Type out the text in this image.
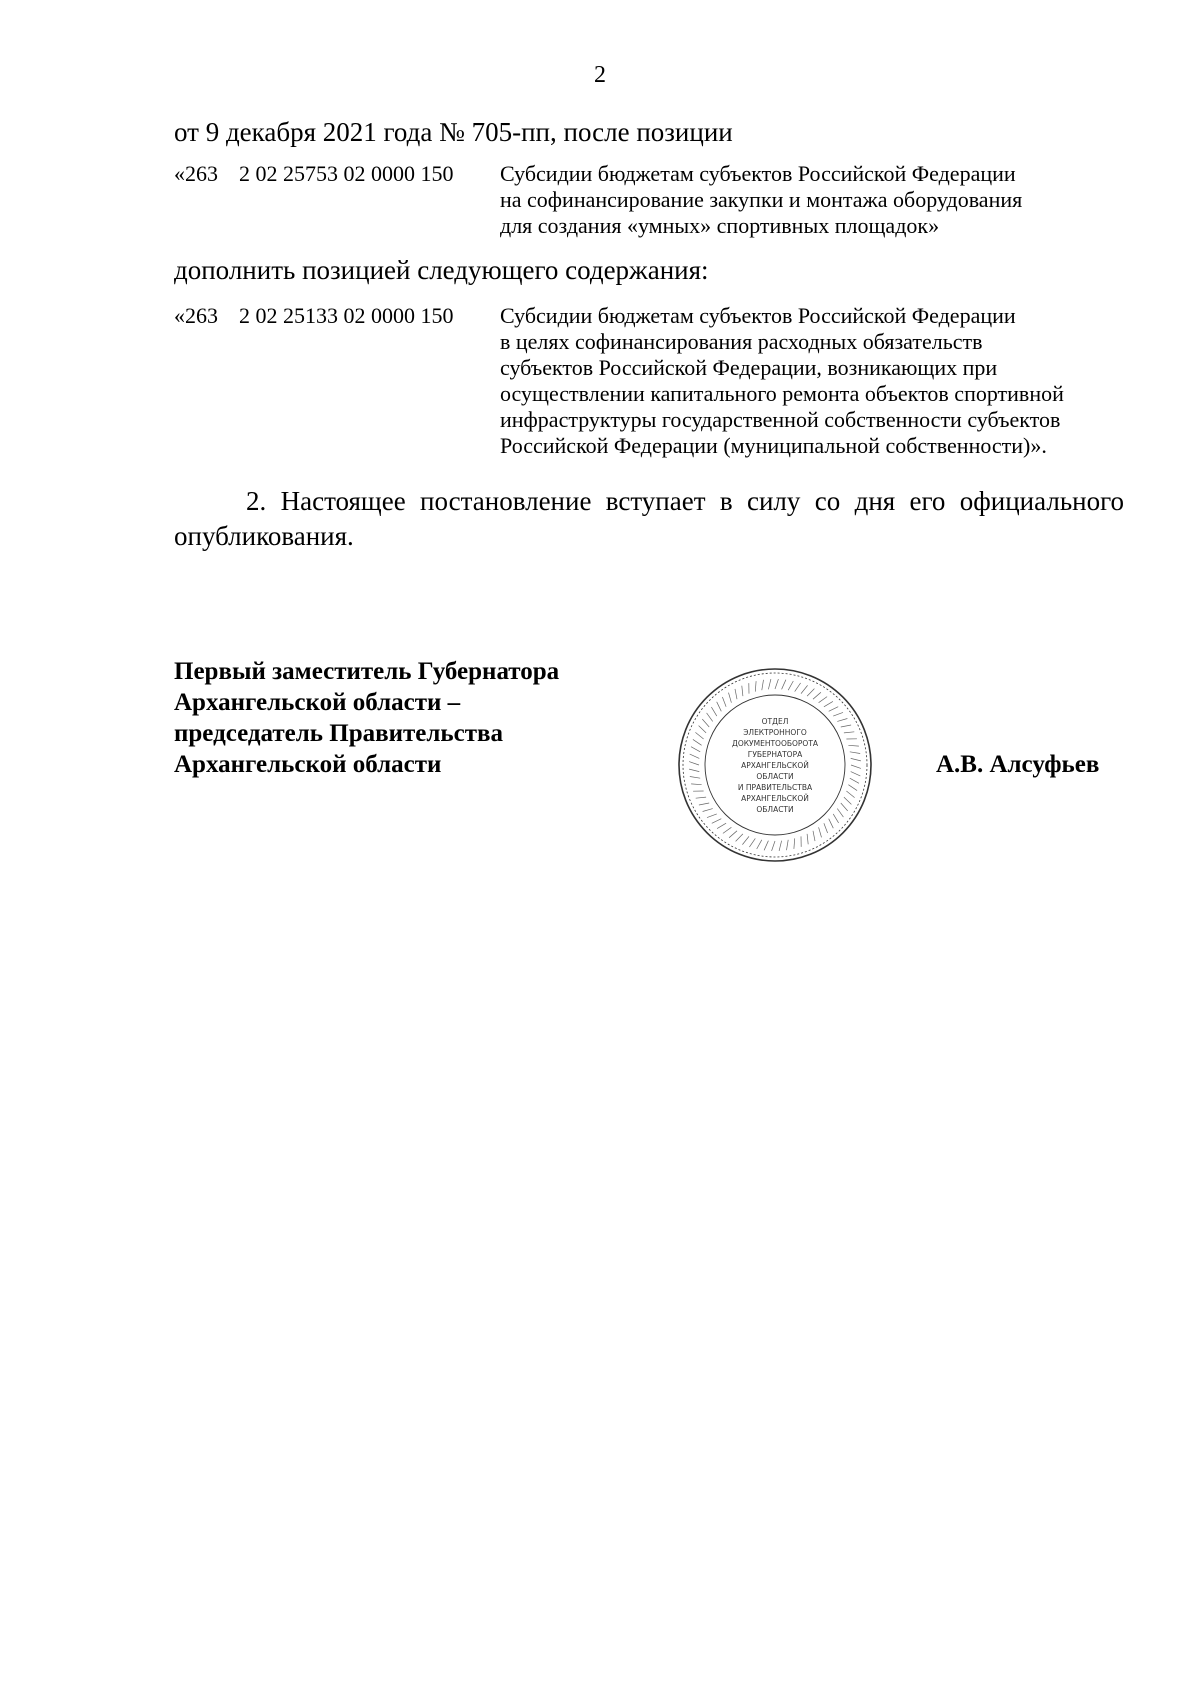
2
от 9 декабря 2021 года № 705-пп, после позиции
«263 2 02 25753 02 0000 150 Субсидии бюджетам субъектов Российской Федерации
на софинансирование закупки и монтажа оборудования
для создания «умных» спортивных площадок»
дополнить позицией следующего содержания:
«263 2 02 25133 02 0000 150 Субсидии бюджетам субъектов Российской Федерации
в целях софинансирования расходных обязательств
субъектов Российской Федерации, возникающих при
осуществлении капитального ремонта объектов спортивной
инфраструктуры государственной собственности субъектов
Российской Федерации (муниципальной собственности)».
2. Настоящее постановление вступает в силу со дня его официального опубликования.
Первый заместитель Губернатора
Архангельской области –
председатель Правительства
Архангельской области
ОТДЕЛ
ЭЛЕКТРОННОГО
ДОКУМЕНТООБОРОТА
ГУБЕРНАТОРА
АРХАНГЕЛЬСКОЙ
ОБЛАСТИ
И ПРАВИТЕЛЬСТВА
АРХАНГЕЛЬСКОЙ
ОБЛАСТИ
А.В. Алсуфьев
